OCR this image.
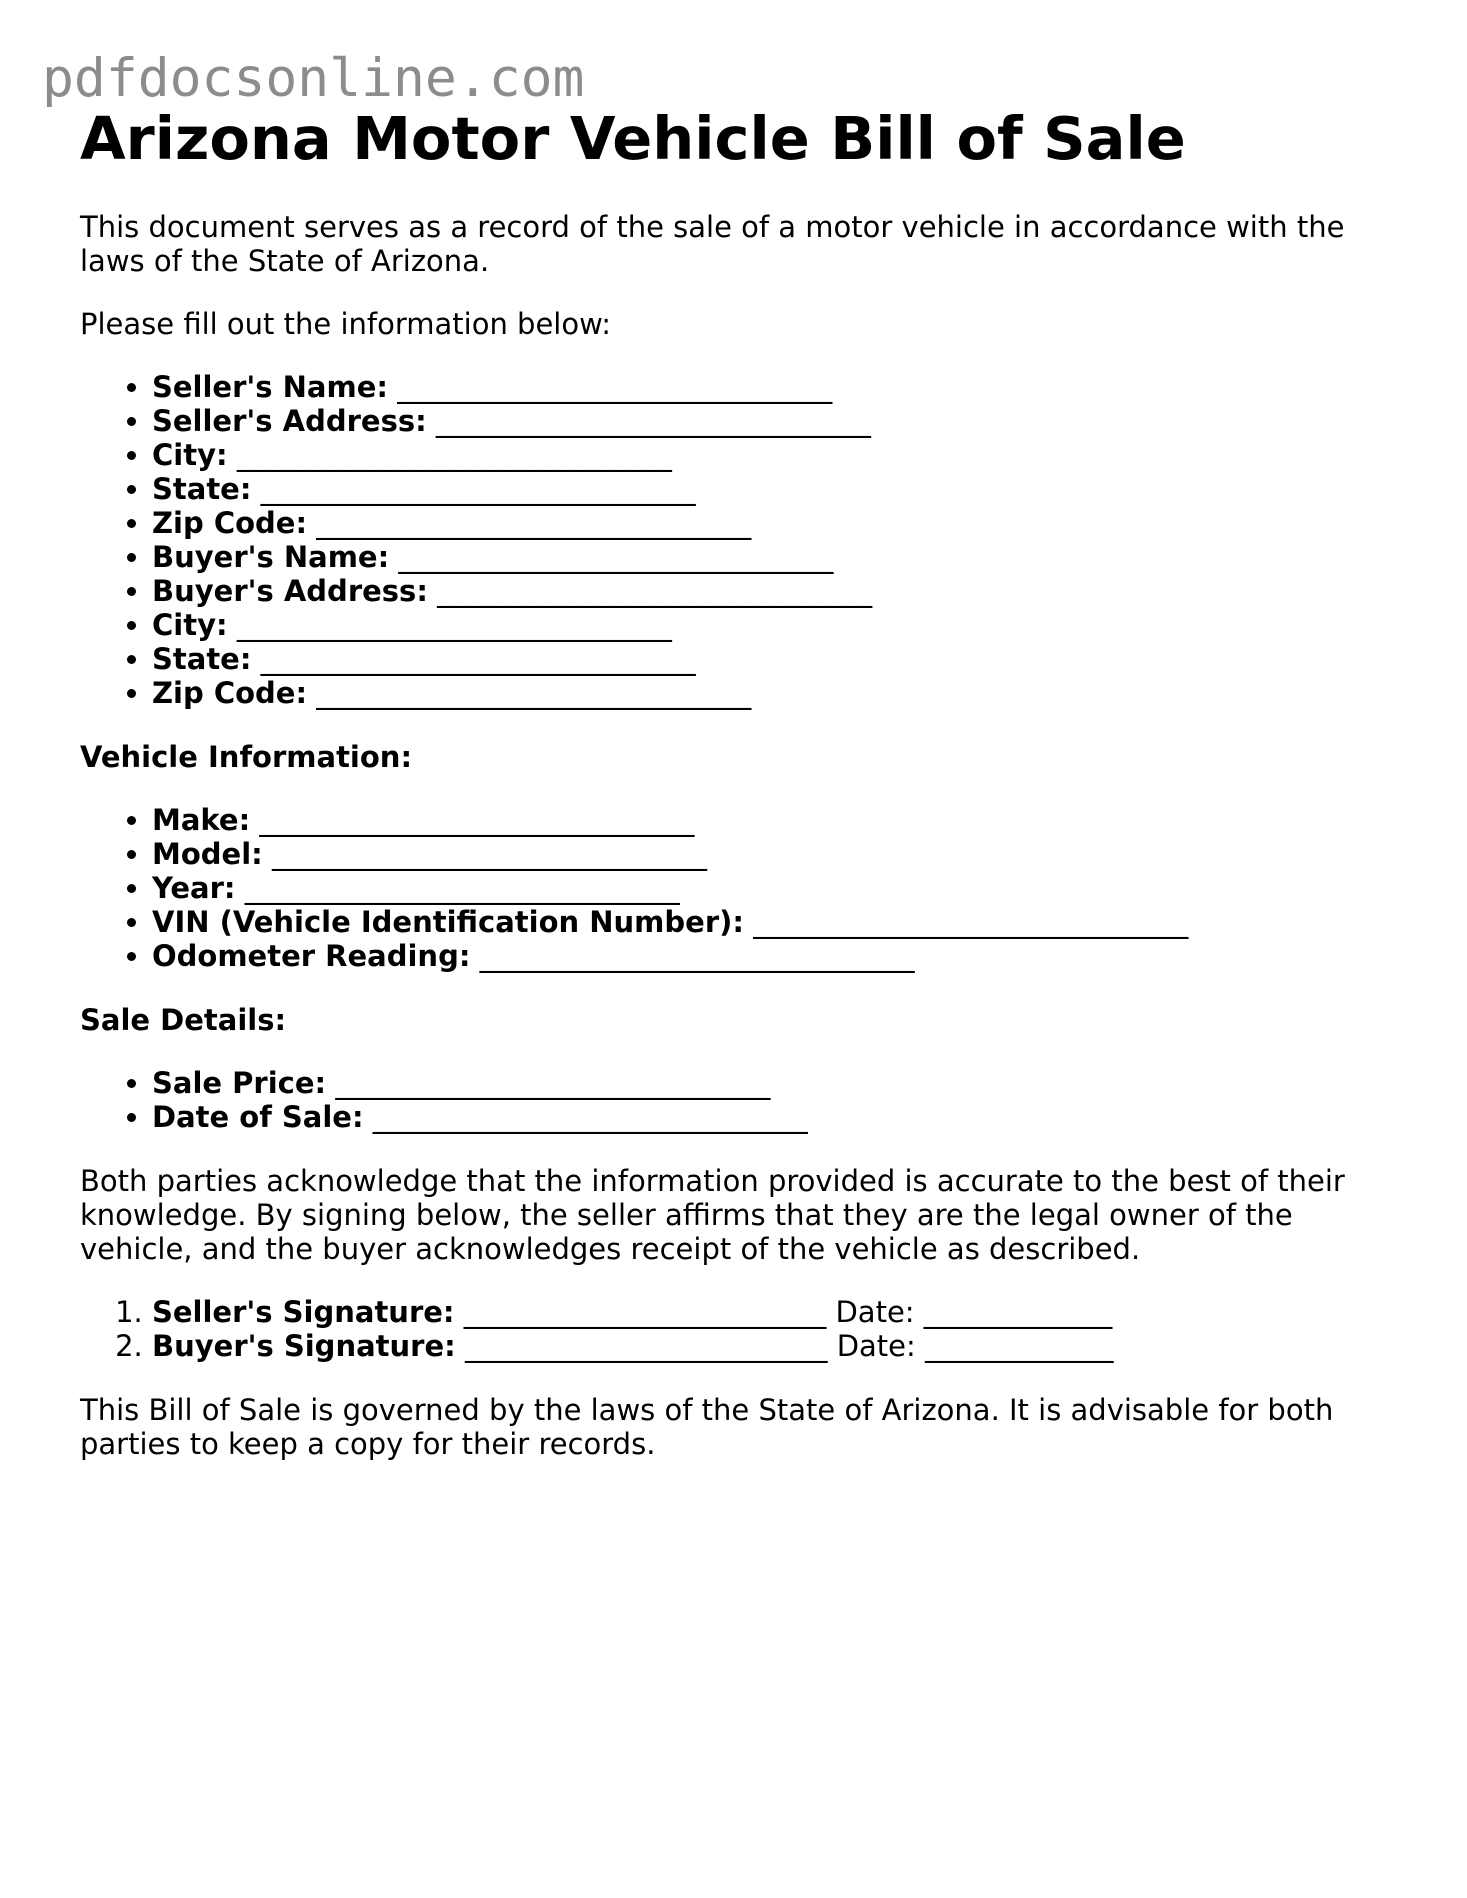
pdfdocsonline.com
Arizona Motor Vehicle Bill of Sale

This document serves as a record of the sale of a motor vehicle in accordance with the laws of the State of Arizona.

Please fill out the information below:

• Seller's Name: ______________________________
• Seller's Address: ______________________________
• City: ______________________________
• State: ______________________________
• Zip Code: ______________________________
• Buyer's Name: ______________________________
• Buyer's Address: ______________________________
• City: ______________________________
• State: ______________________________
• Zip Code: ______________________________
Vehicle Information:
• Make: ______________________________
• Model: ______________________________
• Year: ______________________________
• VIN (Vehicle Identification Number): ______________________________
• Odometer Reading: ______________________________
Sale Details:
• Sale Price: ______________________________
• Date of Sale: ______________________________

Both parties acknowledge that the information provided is accurate to the best of their knowledge. By signing below, the seller affirms that they are the legal owner of the vehicle, and the buyer acknowledges receipt of the vehicle as described.

1. Seller's Signature: _________________________ Date: _____________
2. Buyer's Signature: _________________________ Date: _____________

This Bill of Sale is governed by the laws of the State of Arizona. It is advisable for both parties to keep a copy for their records.
